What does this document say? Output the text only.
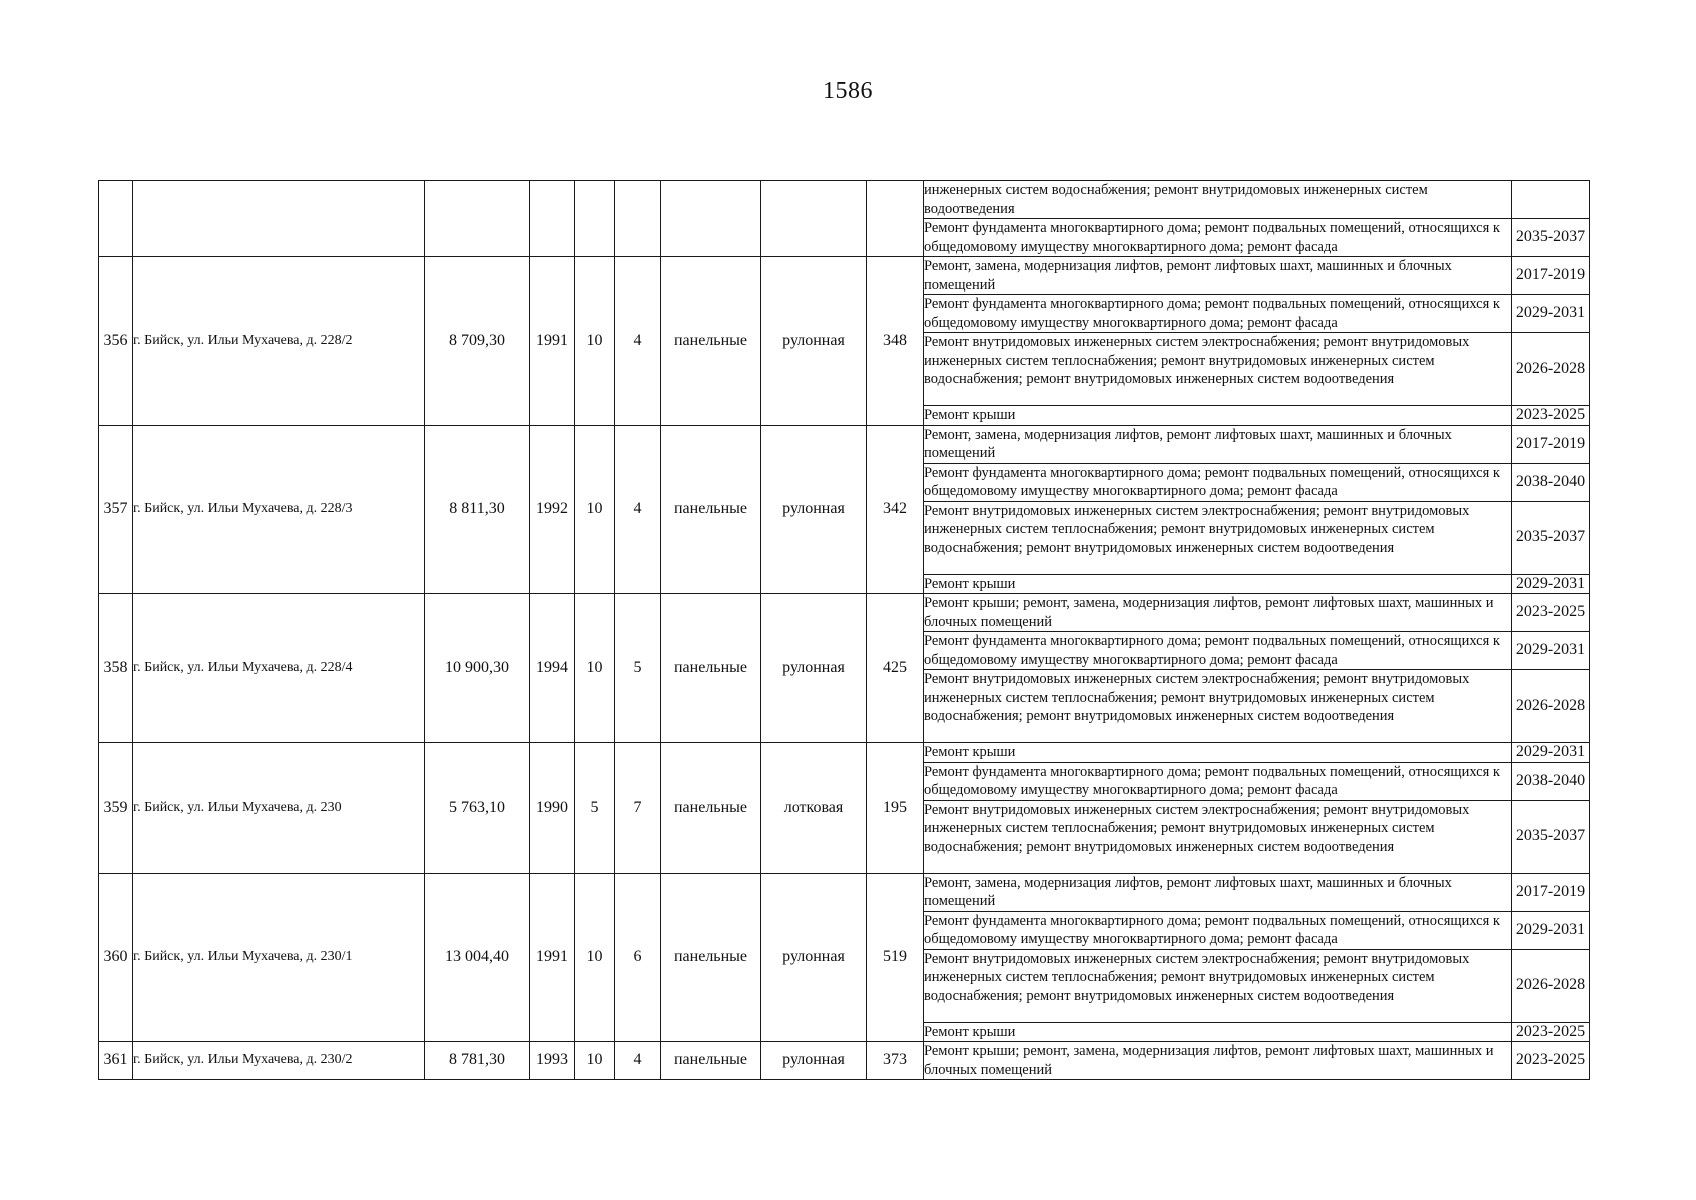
1586
									инженерных систем водоснабжения; ремонт внутридомовых инженерных систем водоотведения	
									Ремонт фундамента многоквартирного дома; ремонт подвальных помещений, относящихся к общедомовому имуществу многоквартирного дома; ремонт фасада	2035-2037
356	г. Бийск, ул. Ильи Мухачева, д. 228/2	8 709,30	1991	10	4	панельные	рулонная	348	Ремонт, замена, модернизация лифтов, ремонт лифтовых шахт, машинных и блочных помещений	2017-2019
									Ремонт фундамента многоквартирного дома; ремонт подвальных помещений, относящихся к общедомовому имуществу многоквартирного дома; ремонт фасада	2029-2031
									Ремонт внутридомовых инженерных систем электроснабжения; ремонт внутридомовых инженерных систем теплоснабжения; ремонт внутридомовых инженерных систем водоснабжения; ремонт внутридомовых инженерных систем водоотведения	2026-2028
									Ремонт крыши	2023-2025
357	г. Бийск, ул. Ильи Мухачева, д. 228/3	8 811,30	1992	10	4	панельные	рулонная	342	Ремонт, замена, модернизация лифтов, ремонт лифтовых шахт, машинных и блочных помещений	2017-2019
									Ремонт фундамента многоквартирного дома; ремонт подвальных помещений, относящихся к общедомовому имуществу многоквартирного дома; ремонт фасада	2038-2040
									Ремонт внутридомовых инженерных систем электроснабжения; ремонт внутридомовых инженерных систем теплоснабжения; ремонт внутридомовых инженерных систем водоснабжения; ремонт внутридомовых инженерных систем водоотведения	2035-2037
									Ремонт крыши	2029-2031
358	г. Бийск, ул. Ильи Мухачева, д. 228/4	10 900,30	1994	10	5	панельные	рулонная	425	Ремонт крыши; ремонт, замена, модернизация лифтов, ремонт лифтовых шахт, машинных и блочных помещений	2023-2025
									Ремонт фундамента многоквартирного дома; ремонт подвальных помещений, относящихся к общедомовому имуществу многоквартирного дома; ремонт фасада	2029-2031
									Ремонт внутридомовых инженерных систем электроснабжения; ремонт внутридомовых инженерных систем теплоснабжения; ремонт внутридомовых инженерных систем водоснабжения; ремонт внутридомовых инженерных систем водоотведения	2026-2028
359	г. Бийск, ул. Ильи Мухачева, д. 230	5 763,10	1990	5	7	панельные	лотковая	195	Ремонт крыши	2029-2031
									Ремонт фундамента многоквартирного дома; ремонт подвальных помещений, относящихся к общедомовому имуществу многоквартирного дома; ремонт фасада	2038-2040
									Ремонт внутридомовых инженерных систем электроснабжения; ремонт внутридомовых инженерных систем теплоснабжения; ремонт внутридомовых инженерных систем водоснабжения; ремонт внутридомовых инженерных систем водоотведения	2035-2037
360	г. Бийск, ул. Ильи Мухачева, д. 230/1	13 004,40	1991	10	6	панельные	рулонная	519	Ремонт, замена, модернизация лифтов, ремонт лифтовых шахт, машинных и блочных помещений	2017-2019
									Ремонт фундамента многоквартирного дома; ремонт подвальных помещений, относящихся к общедомовому имуществу многоквартирного дома; ремонт фасада	2029-2031
									Ремонт внутридомовых инженерных систем электроснабжения; ремонт внутридомовых инженерных систем теплоснабжения; ремонт внутридомовых инженерных систем водоснабжения; ремонт внутридомовых инженерных систем водоотведения	2026-2028
									Ремонт крыши	2023-2025
361	г. Бийск, ул. Ильи Мухачева, д. 230/2	8 781,30	1993	10	4	панельные	рулонная	373	Ремонт крыши; ремонт, замена, модернизация лифтов, ремонт лифтовых шахт, машинных и блочных помещений	2023-2025
